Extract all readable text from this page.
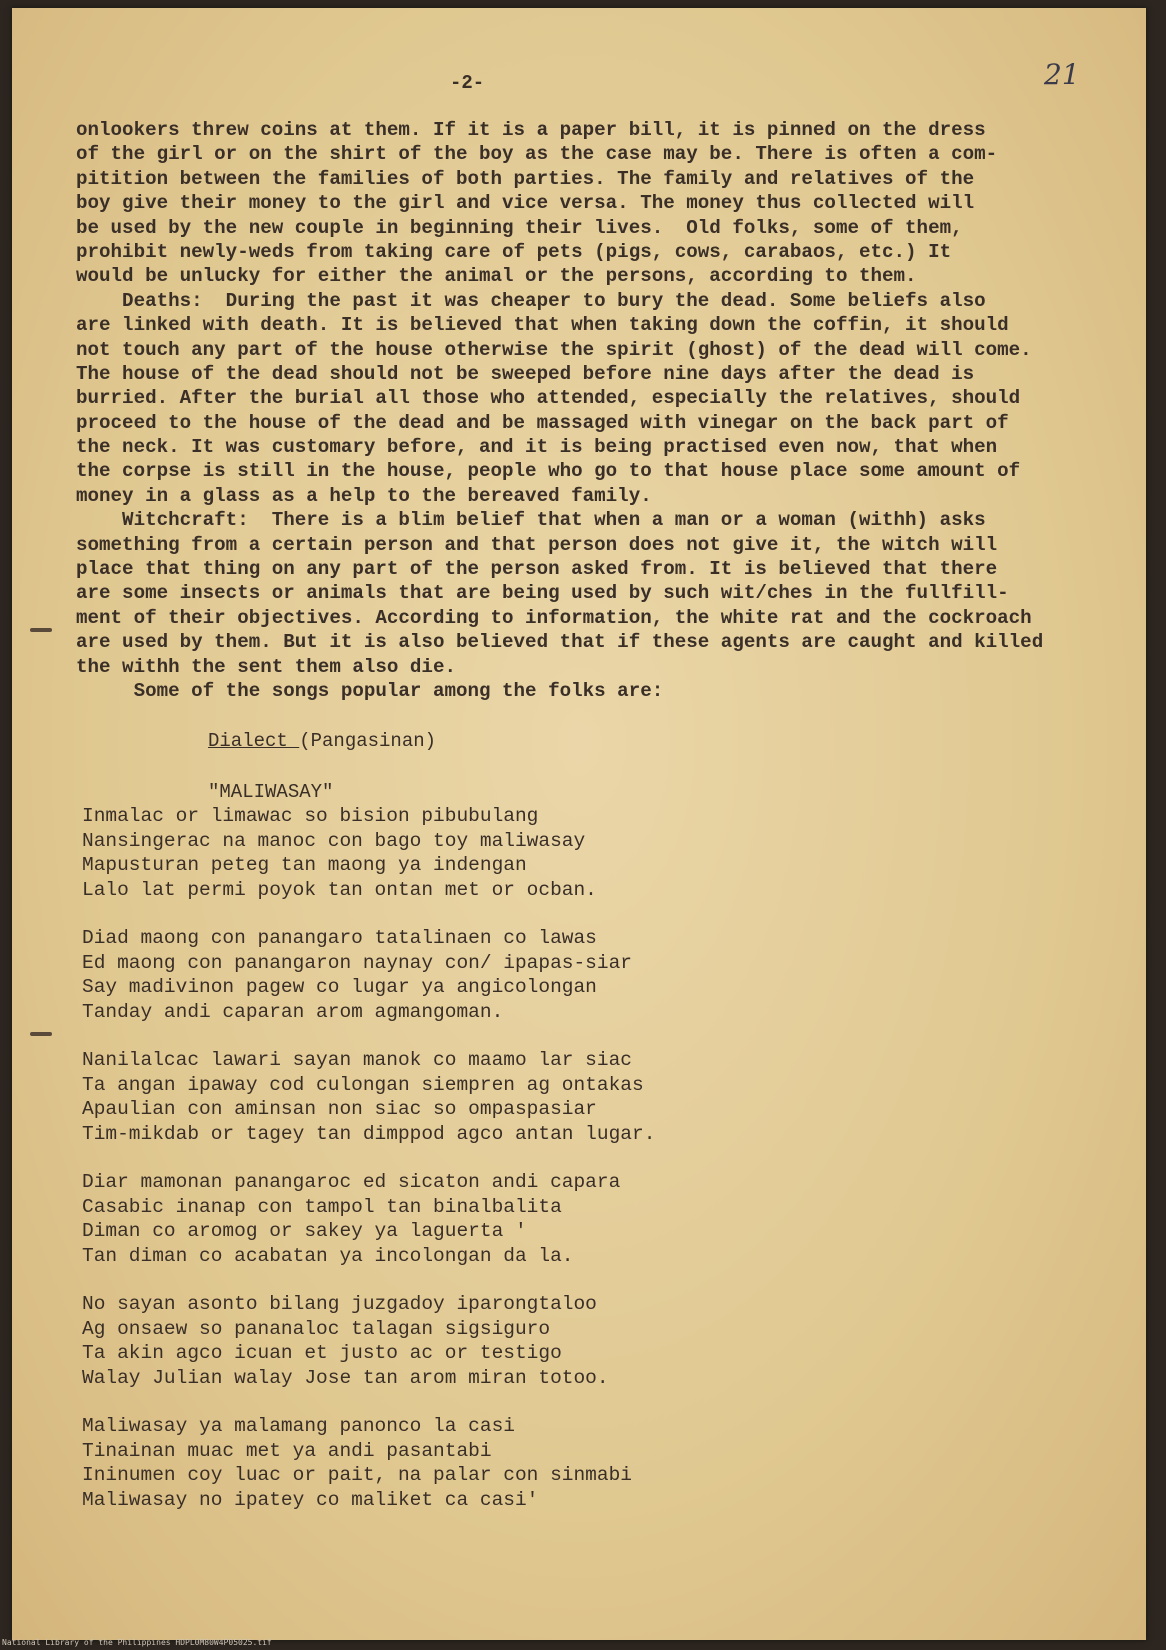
-2-	21
onlookers threw coins at them. If it is a paper bill, it is pinned on the dress
of the girl or on the shirt of the boy as the case may be. There is often a com-
pitition between the families of both parties. The family and relatives of the
boy give their money to the girl and vice versa. The money thus collected will
be used by the new couple in beginning their lives.  Old folks, some of them,
prohibit newly-weds from taking care of pets (pigs, cows, carabaos, etc.) It
would be unlucky for either the animal or the persons, according to them.
Deaths:  During the past it was cheaper to bury the dead. Some beliefs also
are linked with death. It is believed that when taking down the coffin, it should
not touch any part of the house otherwise the spirit (ghost) of the dead will come.
The house of the dead should not be sweeped before nine days after the dead is
burried. After the burial all those who attended, especially the relatives, should
proceed to the house of the dead and be massaged with vinegar on the back part of
the neck. It was customary before, and it is being practised even now, that when
the corpse is still in the house, people who go to that house place some amount of
money in a glass as a help to the bereaved family.
Witchcraft:  There is a blim belief that when a man or a woman (withh) asks
something from a certain person and that person does not give it, the witch will
place that thing on any part of the person asked from. It is believed that there
are some insects or animals that are being used by such wit/ches in the fullfill-
ment of their objectives. According to information, the white rat and the cockroach
are used by them. But it is also believed that if these agents are caught and killed
the withh the sent them also die.
Some of the songs popular among the folks are:
Dialect (Pangasinan)
"MALIWASAY"
Inmalac or limawac so bision pibubulang
Nansingerac na manoc con bago toy maliwasay
Mapusturan peteg tan maong ya indengan
Lalo lat permi poyok tan ontan met or ocban.
Diad maong con panangaro tatalinaen co lawas
Ed maong con panangaron naynay con/ ipapas-siar
Say madivinon pagew co lugar ya angicolongan
Tanday andi caparan arom agmangoman.
Nanilalcac lawari sayan manok co maamo lar siac
Ta angan ipaway cod culongan siempren ag ontakas
Apaulian con aminsan non siac so ompaspasiar
Tim-mikdab or tagey tan dimppod agco antan lugar.
Diar mamonan panangaroc ed sicaton andi capara
Casabic inanap con tampol tan binalbalita
Diman co aromog or sakey ya laguerta '
Tan diman co acabatan ya incolongan da la.
No sayan asonto bilang juzgadoy iparongtaloo
Ag onsaew so pananaloc talagan sigsiguro
Ta akin agco icuan et justo ac or testigo
Walay Julian walay Jose tan arom miran totoo.
Maliwasay ya malamang panonco la casi
Tinainan muac met ya andi pasantabi
Ininumen coy luac or pait, na palar con sinmabi
Maliwasay no ipatey co maliket ca casi'
National Library of the Philippines HDPL0M80W4P05025.tif
